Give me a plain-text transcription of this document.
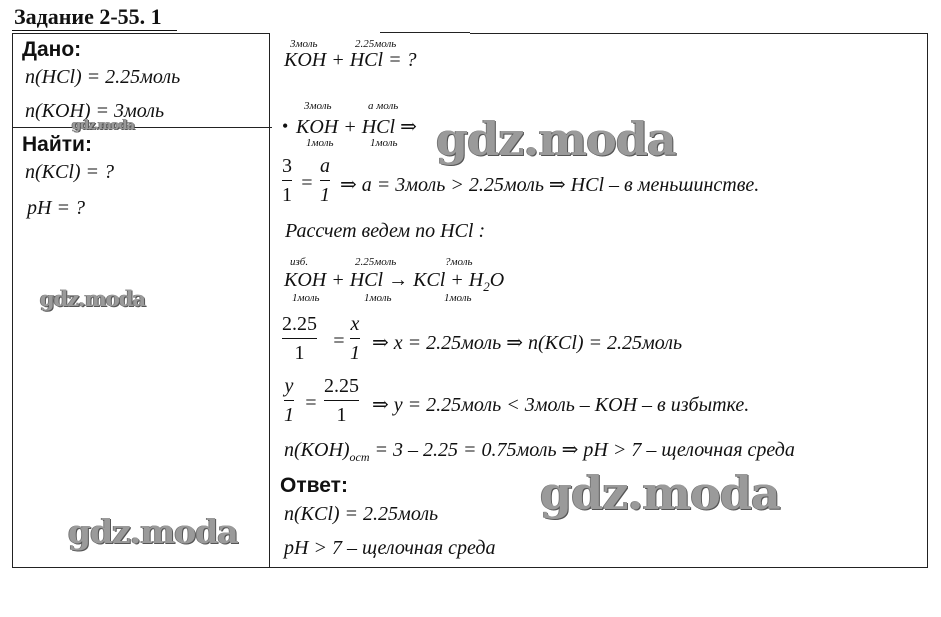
Задание 2-55. 1
Дано:
n(HCl) = 2.25моль
n(KOH) = 3моль
Найти:
n(KCl) = ?
pH = ?
3моль	2.25моль
KOH + HCl = ?
3моль	a моль
• KOH + HCl ⇒
1моль	1моль
3
1
=
a
1 ⇒ a = 3моль > 2.25моль ⇒ HCl – в меньшинстве.
Рассчет ведем по HCl :
изб.	2.25моль	?моль
KOH + HCl → KCl + $H_2O$
1моль	1моль	1моль
2.25
1
=
x
1 ⇒ x = 2.25моль ⇒ n(KCl) = 2.25моль
y
1
=
2.25
1	⇒ y = 2.25моль < 3моль – KOH – в избытке.
$n(KOH)_{ост} = 3 - 2.25$ = 0.75моль ⇒ pH > 7 – щелочная среда
Ответ:
n(KCl) = 2.25моль
pH > 7 – щелочная среда
gdz.moda	gdz.moda
gdz.moda
gdz.moda
gdz.moda
